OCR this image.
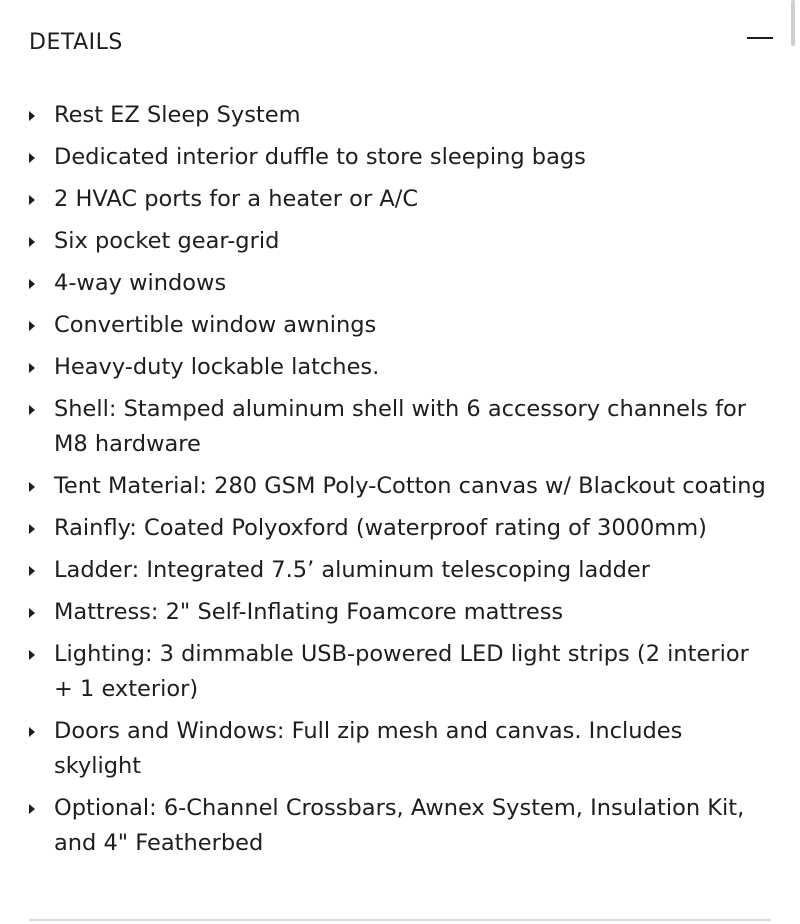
DETAILS
Rest EZ Sleep System
Dedicated interior duffle to store sleeping bags
2 HVAC ports for a heater or A/C
Six pocket gear-grid
4-way windows
Convertible window awnings
Heavy-duty lockable latches.
Shell: Stamped aluminum shell with 6 accessory channels for M8 hardware
Tent Material: 280 GSM Poly-Cotton canvas w/ Blackout coating
Rainfly: Coated Polyoxford (waterproof rating of 3000mm)
Ladder: Integrated 7.5’ aluminum telescoping ladder
Mattress: 2" Self-Inflating Foamcore mattress
Lighting: 3 dimmable USB-powered LED light strips (2 interior + 1 exterior)
Doors and Windows: Full zip mesh and canvas. Includes skylight
Optional: 6-Channel Crossbars, Awnex System, Insulation Kit, and 4" Featherbed
